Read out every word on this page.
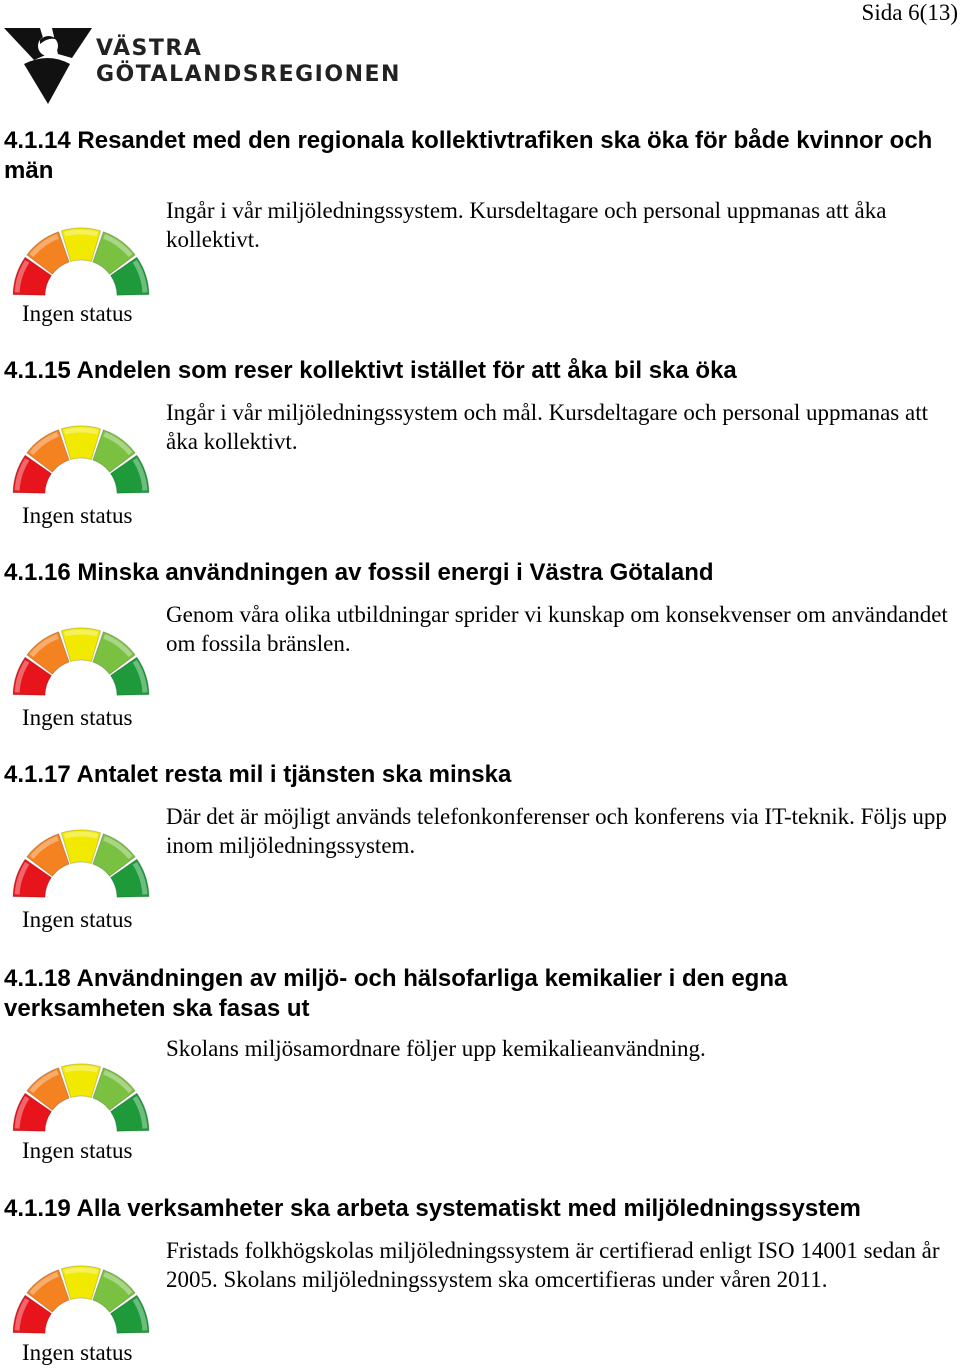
Sida 6(13)
VÄSTRA
GÖTALANDSREGIONEN
4.1.14 Resandet med den regionala kollektivtrafiken ska öka för både kvinnor och män

Ingår i vår miljöledningssystem. Kursdeltagare och personal uppmanas att åka kollektivt.

Ingen status
4.1.15 Andelen som reser kollektivt istället för att åka bil ska öka

Ingår i vår miljöledningssystem och mål. Kursdeltagare och personal uppmanas att åka kollektivt.

Ingen status
4.1.16 Minska användningen av fossil energi i Västra Götaland

Genom våra olika utbildningar sprider vi kunskap om konsekvenser om användandet om fossila bränslen.

Ingen status
4.1.17 Antalet resta mil i tjänsten ska minska

Där det är möjligt används telefonkonferenser och konferens via IT-teknik. Följs upp inom miljöledningssystem.

Ingen status
4.1.18 Användningen av miljö- och hälsofarliga kemikalier i den egna verksamheten ska fasas ut

Skolans miljösamordnare följer upp kemikalieanvändning.

Ingen status
4.1.19 Alla verksamheter ska arbeta systematiskt med miljöledningssystem

Fristads folkhögskolas miljöledningssystem är certifierad enligt ISO 14001 sedan år 2005. Skolans miljöledningssystem ska omcertifieras under våren 2011.

Ingen status
